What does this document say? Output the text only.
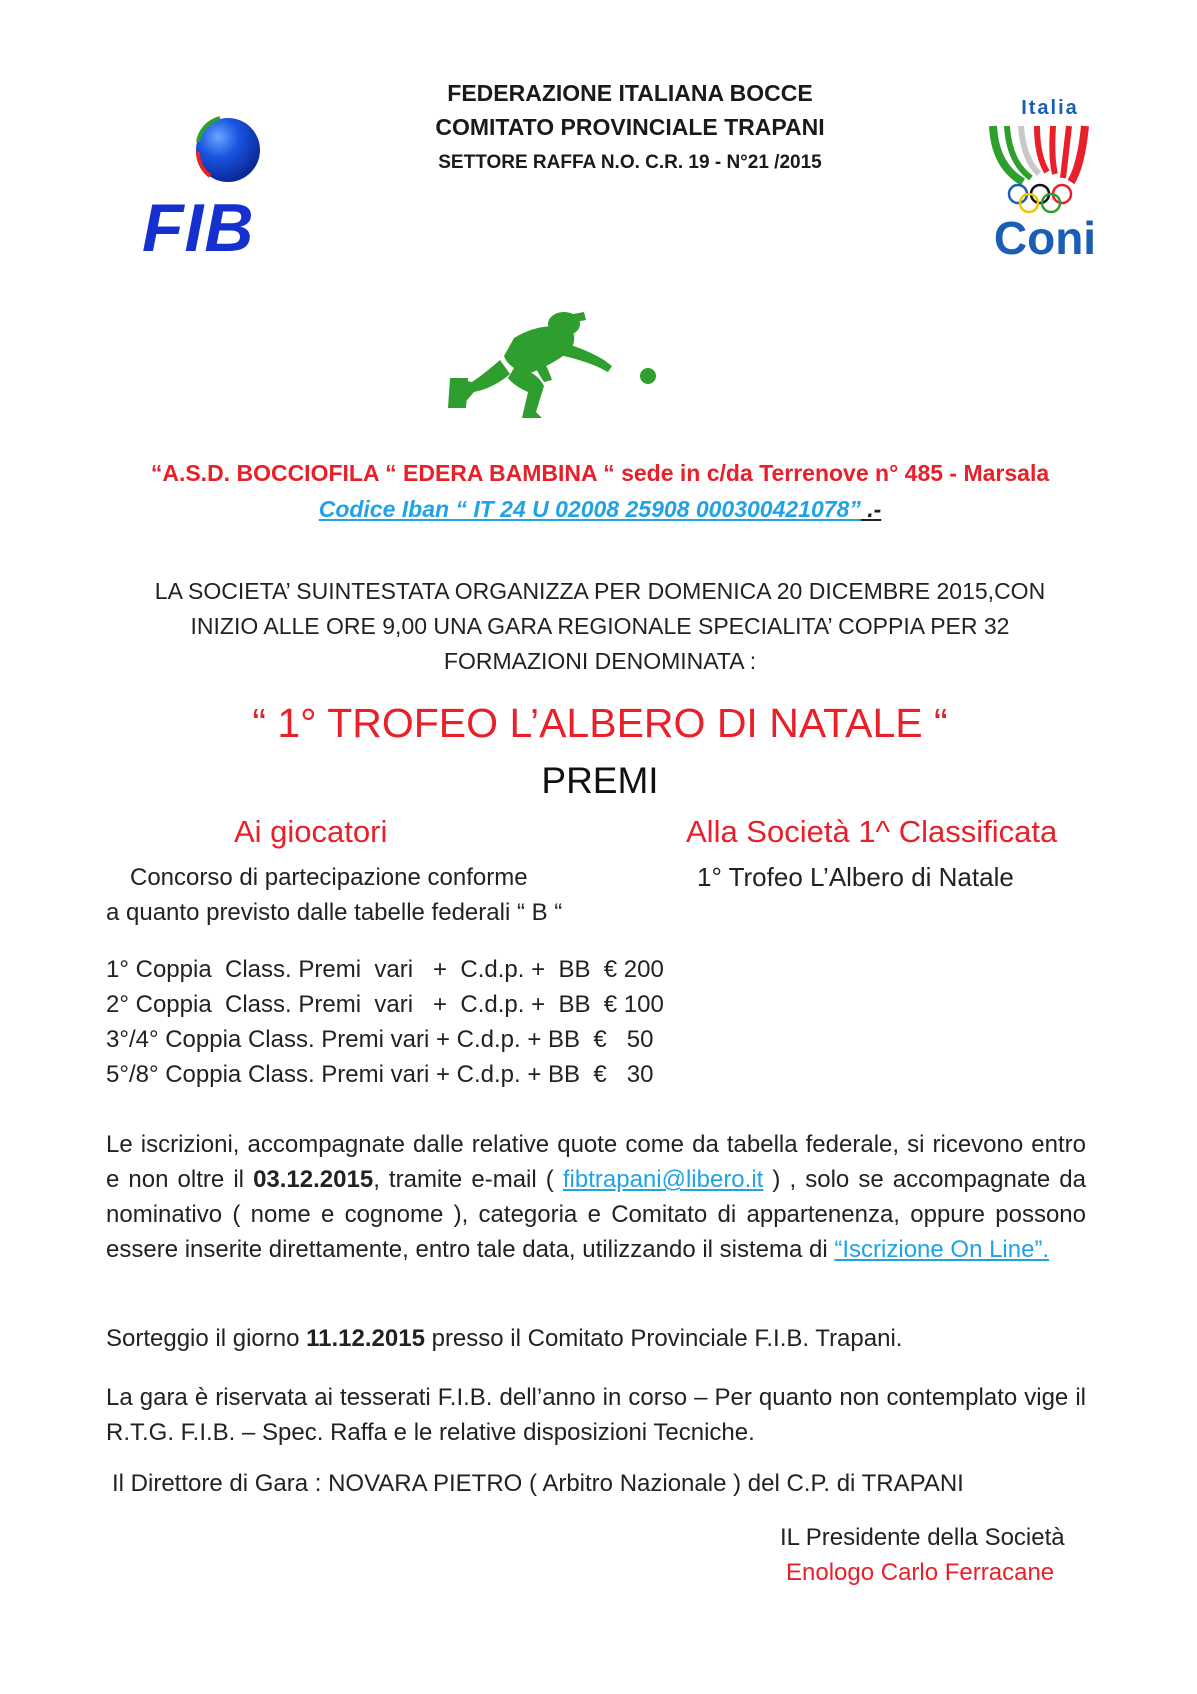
FEDERAZIONE ITALIANA BOCCE
COMITATO PROVINCIALE TRAPANI
SETTORE RAFFA N.O. C.R. 19 - N°21 /2015
FIB
Italia
Coni
“A.S.D. BOCCIOFILA “ EDERA BAMBINA “ sede in c/da Terrenove n° 485 - Marsala
Codice Iban “ IT 24 U 02008 25908 000300421078” .-
LA SOCIETA’ SUINTESTATA ORGANIZZA PER DOMENICA 20 DICEMBRE 2015,CON
INIZIO ALLE ORE 9,00 UNA GARA REGIONALE SPECIALITA’ COPPIA PER 32
FORMAZIONI DENOMINATA :
“ 1° TROFEO L’ALBERO DI NATALE “
PREMI
Ai giocatori	Alla Società 1^ Classificata
Concorso di partecipazione conforme
a quanto previsto dalle tabelle federali “ B “
1° Trofeo L’Albero di Natale
1° Coppia  Class. Premi  vari   +  C.d.p. +  BB  € 200
2° Coppia  Class. Premi  vari   +  C.d.p. +  BB  € 100
3°/4° Coppia Class. Premi vari + C.d.p. + BB  €   50
5°/8° Coppia Class. Premi vari + C.d.p. + BB  €   30
Le iscrizioni, accompagnate dalle relative quote come da tabella federale, si ricevono entro e non oltre il 03.12.2015, tramite e-mail ( fibtrapani@libero.it ) , solo se accompagnate da nominativo ( nome e cognome ), categoria e Comitato di appartenenza, oppure possono essere inserite direttamente, entro tale data, utilizzando il sistema di “Iscrizione On Line”.
Sorteggio il giorno 11.12.2015 presso il Comitato Provinciale F.I.B. Trapani.
La gara è riservata ai tesserati F.I.B. dell’anno in corso – Per quanto non contemplato vige il R.T.G. F.I.B. – Spec. Raffa e le relative disposizioni Tecniche.
Il Direttore di Gara : NOVARA PIETRO ( Arbitro Nazionale ) del C.P. di TRAPANI
IL Presidente della Società
Enologo Carlo Ferracane
